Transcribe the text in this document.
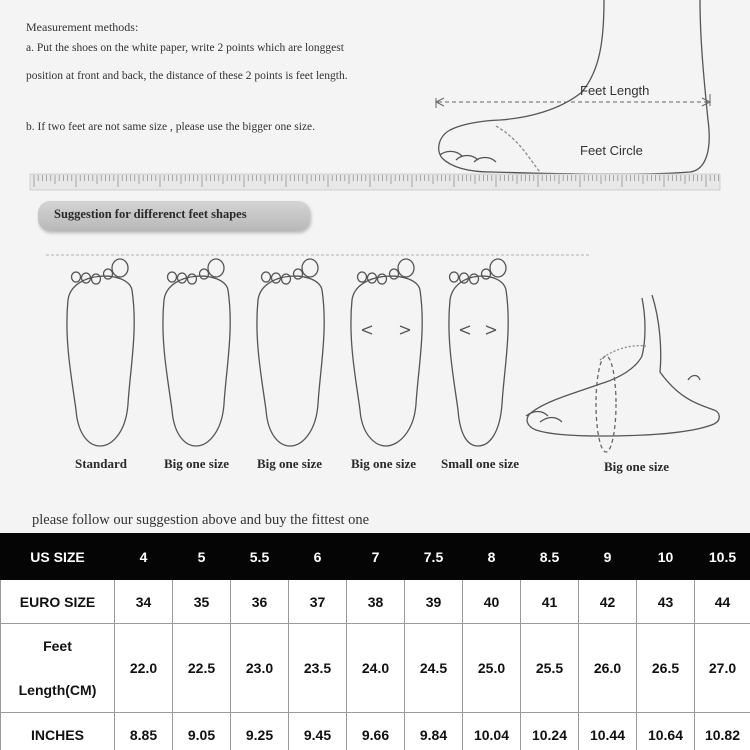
Measurement methods:
a. Put the shoes on the white paper, write 2 points which are longgest
position at front and back, the distance of these 2 points is feet length.
b. If two feet are not same size , please use the bigger one size.
Feet Length
Feet Circle
Suggestion for differenct feet shapes
Standard	Big one size Big one size Big one size Small one size	Big one size
please follow our suggestion above and buy the fittest one
US SIZE	4	5	5.5	6	7	7.5	8	8.5	9	10	10.5
EURO SIZE	34	35	36	37	38	39	40	41	42	43	44

Feet
Length(CM)	22.0	22.5	23.0	23.5	24.0	24.5	25.0	25.5	26.0	26.5	27.0
INCHES	8.85	9.05	9.25	9.45	9.66	9.84	10.04	10.24	10.44	10.64	10.82
